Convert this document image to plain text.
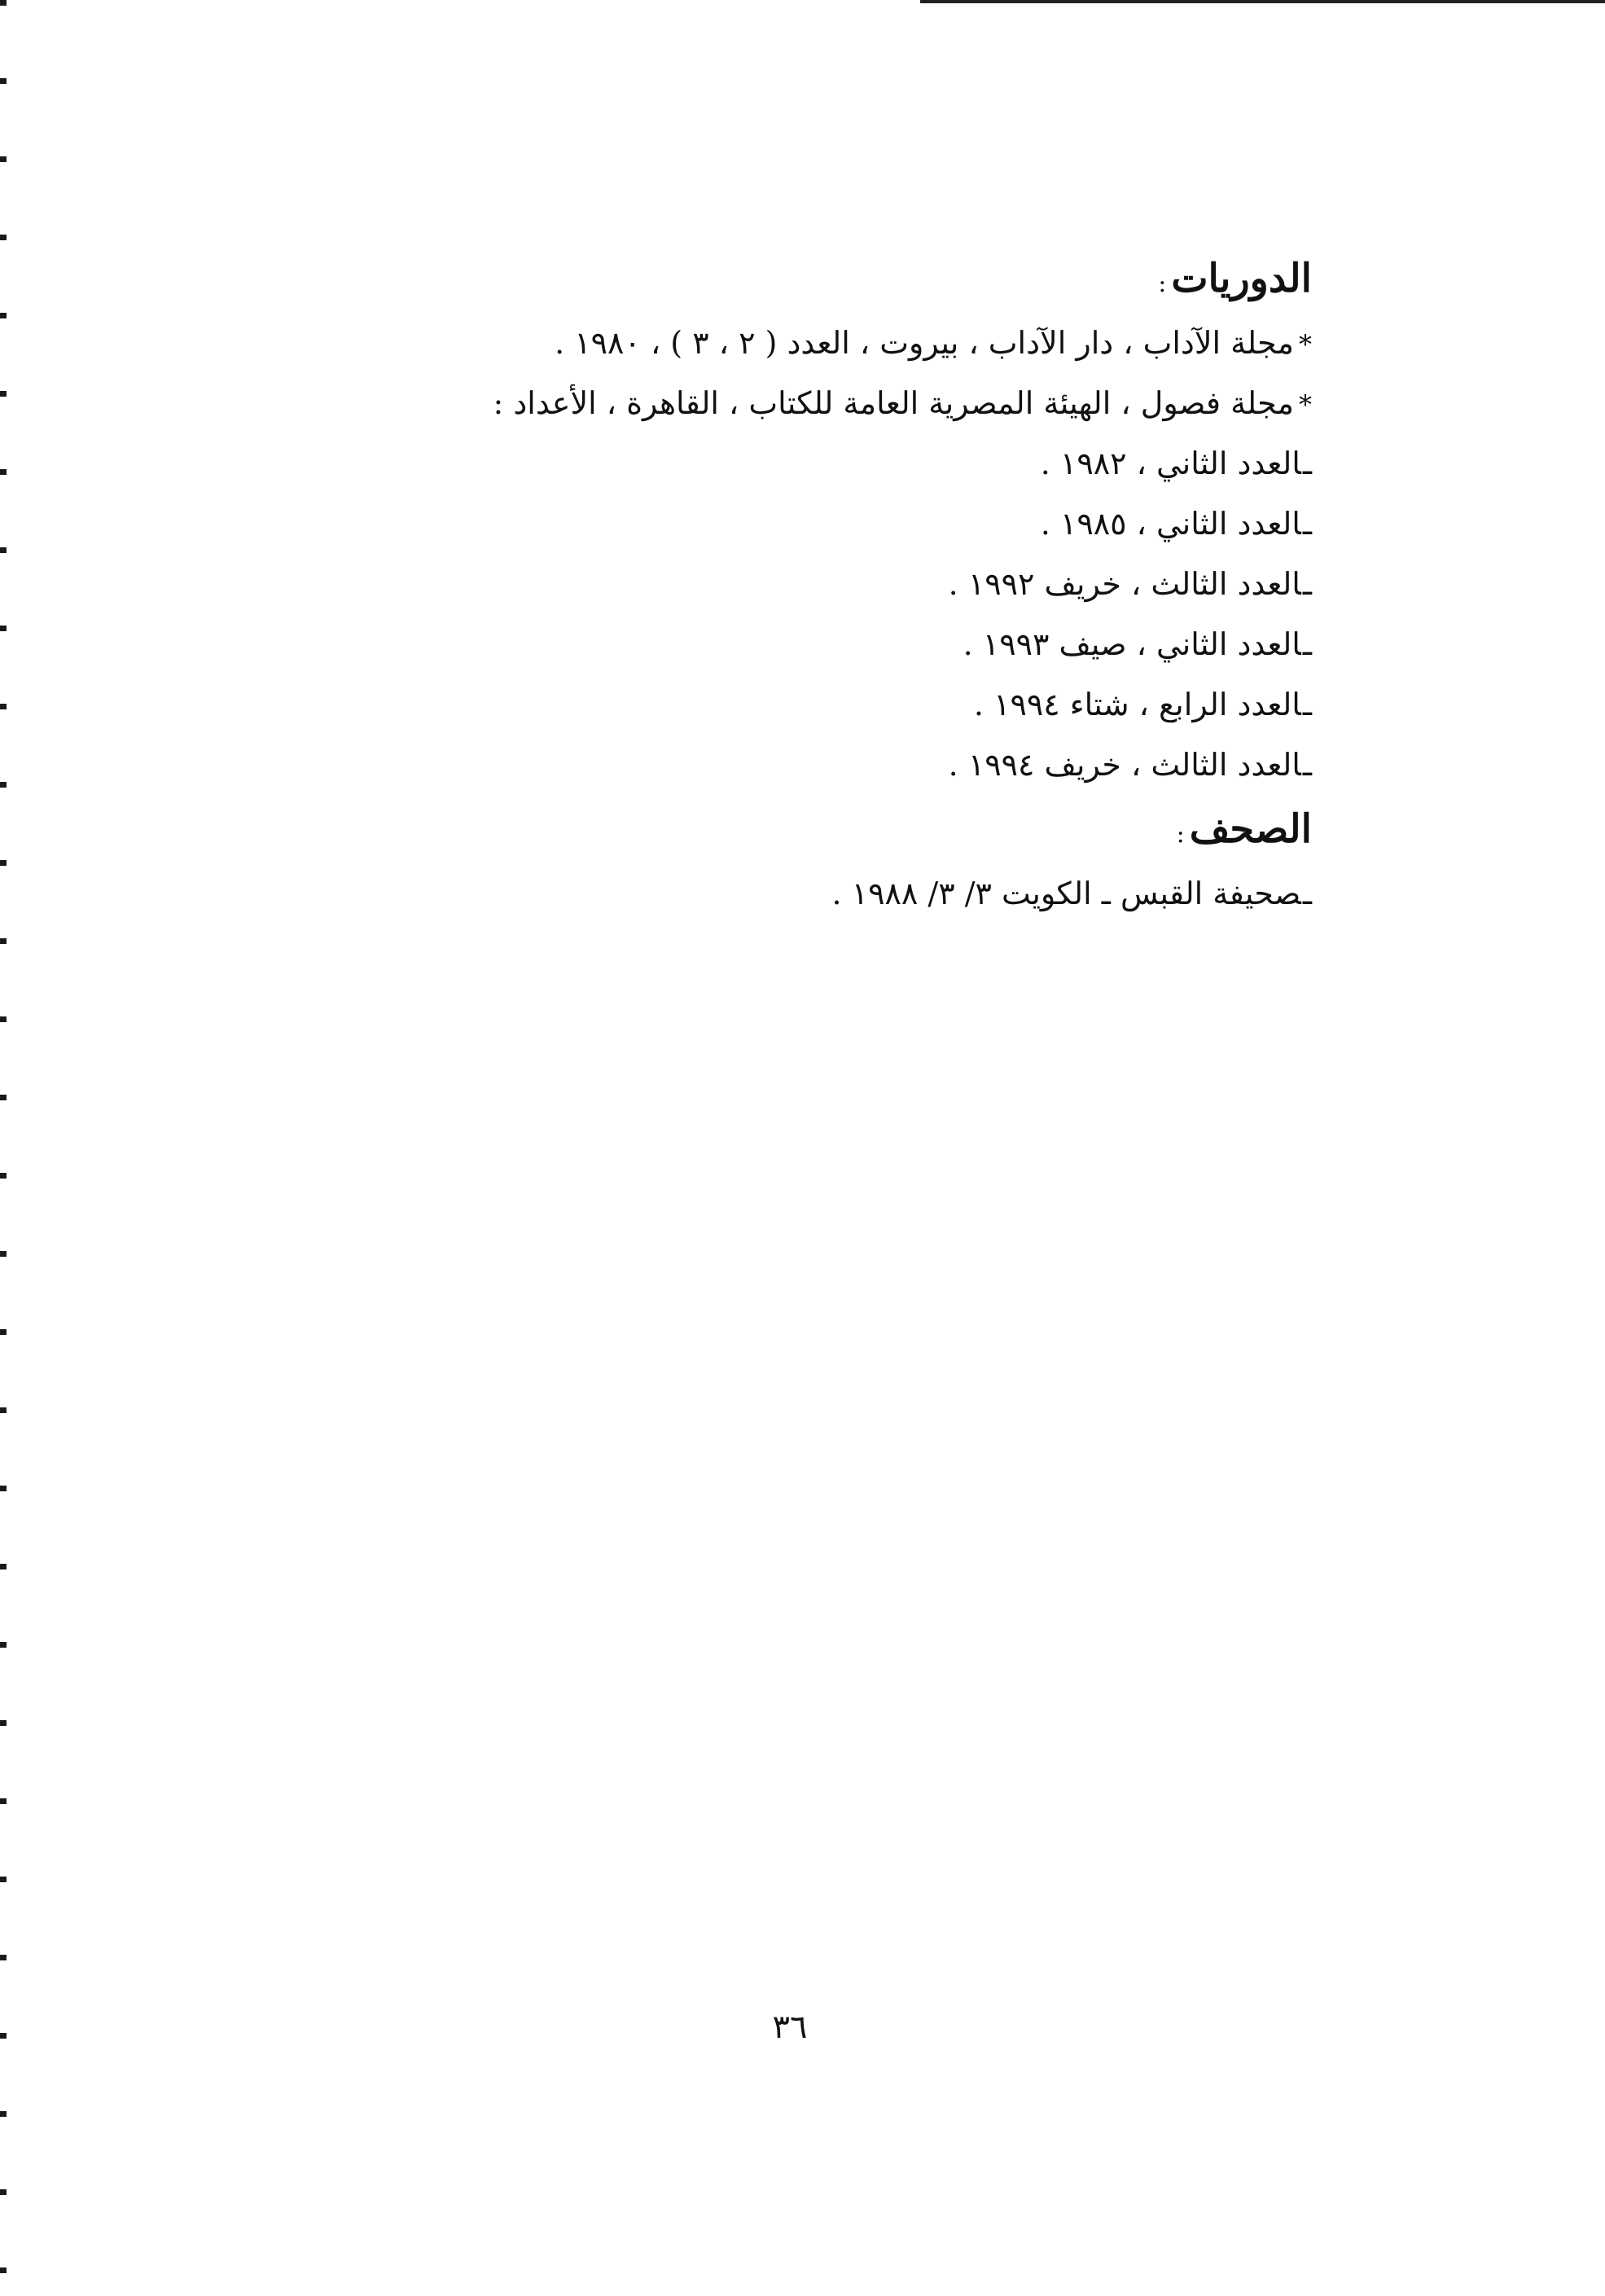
الدوريات:
*مجلة الآداب ، دار الآداب ، بيروت ، العدد ( ٢ ، ٣ ) ، ١٩٨٠ .
*مجلة فصول ، الهيئة المصرية العامة للكتاب ، القاهرة ، الأعداد :
ـالعدد الثاني ، ١٩٨٢ .
ـالعدد الثاني ، ١٩٨٥ .
ـالعدد الثالث ، خريف ١٩٩٢ .
ـالعدد الثاني ، صيف ١٩٩٣ .
ـالعدد الرابع ، شتاء ١٩٩٤ .
ـالعدد الثالث ، خريف ١٩٩٤ .
الصحف:
ـصحيفة القبس ـ الكويت ٣/ ٣/ ١٩٨٨ .
٣٦
